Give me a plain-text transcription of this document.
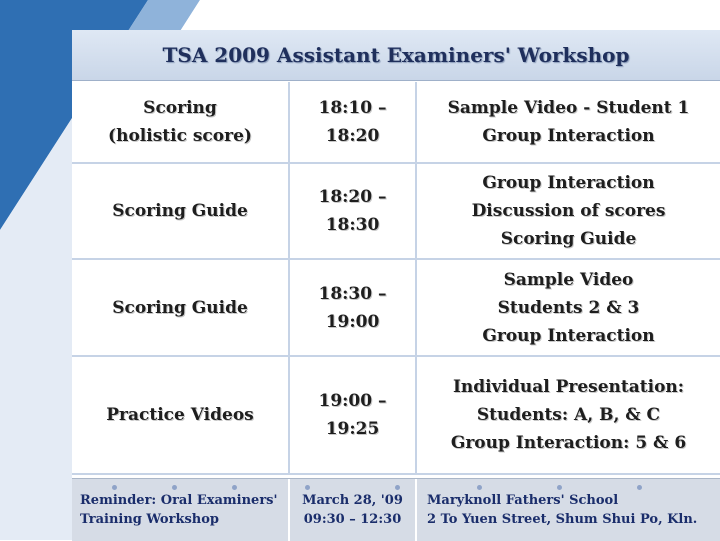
TSA 2009 Assistant Examiners' Workshop
Scoring
(holistic score)
18:10 –
18:20
Sample Video - Student 1
Group Interaction
Scoring Guide
18:20 –
18:30
Group Interaction
Discussion of scores
Scoring Guide
Scoring Guide
18:30 –
19:00
Sample Video
Students 2 & 3
Group Interaction
Practice Videos
19:00 –
19:25
Individual Presentation:
Students: A, B, & C
Group Interaction: 5 & 6
Reminder: Oral Examiners'
Training Workshop
March 28, '09
09:30 – 12:30
Maryknoll Fathers' School
2 To Yuen Street, Shum Shui Po, Kln.
